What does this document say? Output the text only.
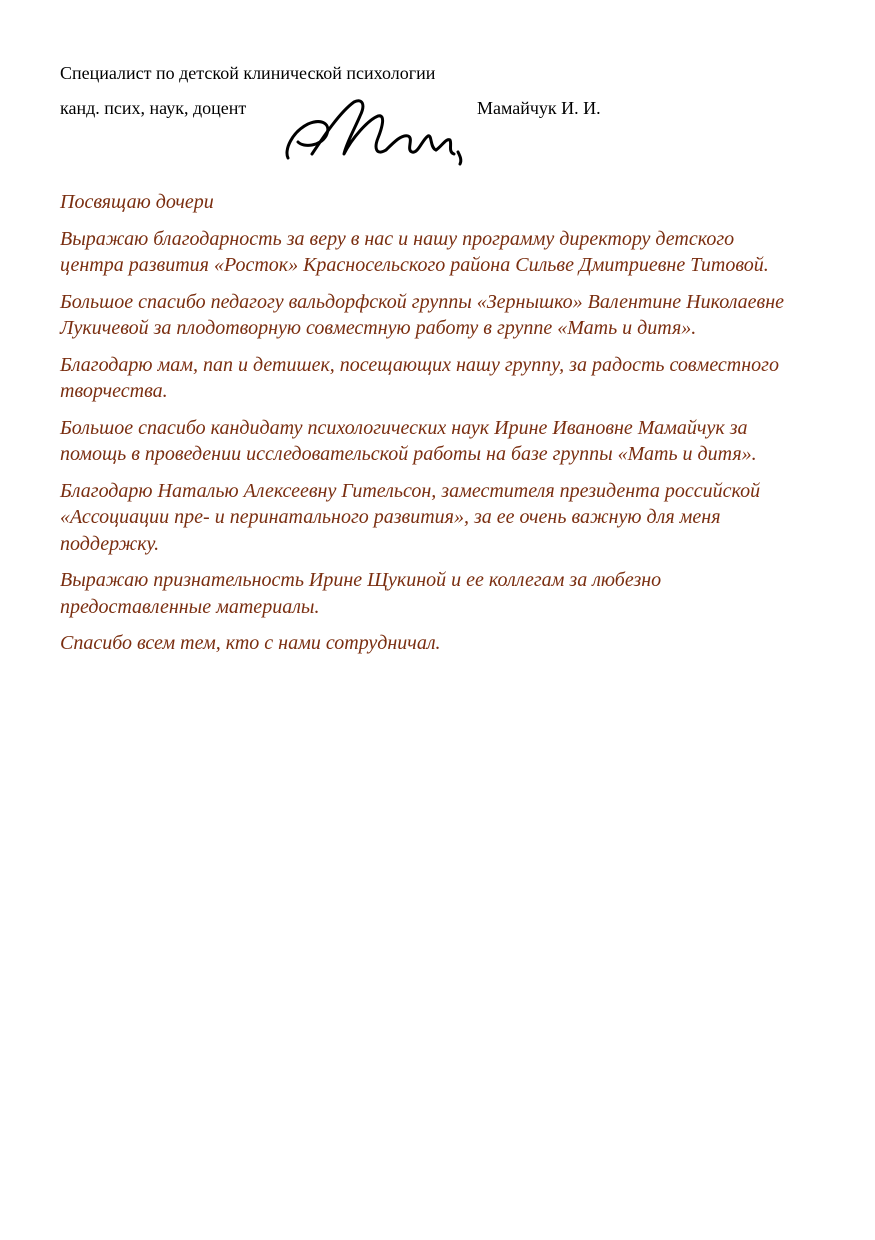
Специалист по детской клинической психологии
канд. псих, наук, доцент	Мамайчук И. И.

Посвящаю дочери

Выражаю благодарность за веру в нас и нашу программу директору детского центра развития «Росток» Красносельского района Сильве Дмитриевне Титовой.

Большое спасибо педагогу вальдорфской группы «Зернышко» Валентине Николаевне Лукичевой за плодотворную совместную работу в группе «Мать и дитя».

Благодарю мам, пап и детишек, посещающих нашу группу, за радость совместного творчества.

Большое спасибо кандидату психологических наук Ирине Ивановне Мамайчук за помощь в проведении исследовательской работы на базе группы «Мать и дитя».

Благодарю Наталью Алексеевну Гительсон, заместителя президента российской «Ассоциации пре- и перинатального развития», за ее очень важную для меня поддержку.

Выражаю признательность Ирине Щукиной и ее коллегам за любезно предоставленные материалы.

Спасибо всем тем, кто с нами сотрудничал.
